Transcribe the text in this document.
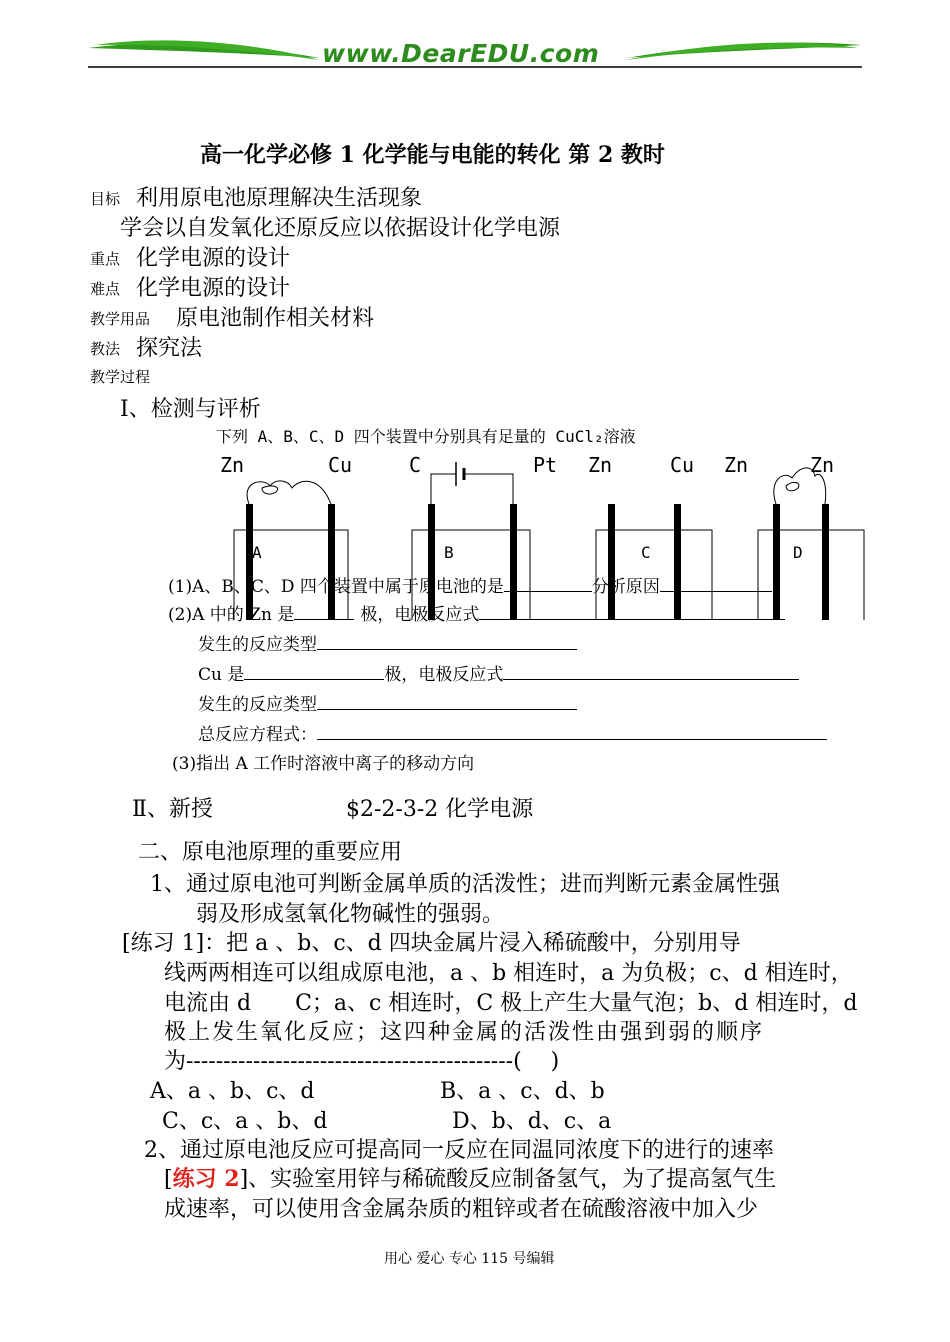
www.DearEDU.com
高一化学必修 1 化学能与电能的转化 第 2 教时
目标 利用原电池原理解决生活现象
学会以自发氧化还原反应以依据设计化学电源
重点 化学电源的设计
难点 化学电源的设计
教学用品 原电池制作相关材料
教法 探究法
教学过程
Ⅰ、检测与评析
下列 A、B、C、D 四个装置中分别具有足量的 CuCl₂溶液
Zn	Cu	C	Pt Zn	Cu Zn	Zn
A	B	C	D
(1)A、B、C、D 四个装置中属于原电池的是	分析原因
(2)A 中的 Zn 是	极，电极反应式
发生的反应类型
Cu 是	极，电极反应式
发生的反应类型
总反应方程式：
(3)指出 A 工作时溶液中离子的移动方向
Ⅱ、新授	$2-2-3-2 化学电源
二、原电池原理的重要应用
1、通过原电池可判断金属单质的活泼性；进而判断元素金属性强
弱及形成氢氧化物碱性的强弱。
[练习 1]：把 a 、b、c、d 四块金属片浸入稀硫酸中，分别用导
线两两相连可以组成原电池，a 、b 相连时，a 为负极；c、d 相连时，
电流由 d　　C；a、c 相连时，C 极上产生大量气泡；b、d 相连时，d
极上发生氧化反应；这四种金属的活泼性由强到弱的顺序
为--------------------------------------------(　 )
A、a 、b、c、d	B、a 、c、d、b
C、c、a 、b、d	D、b、d、c、a
2、通过原电池反应可提高同一反应在同温同浓度下的进行的速率
[练习 2]、实验室用锌与稀硫酸反应制备氢气，为了提高氢气生
成速率，可以使用含金属杂质的粗锌或者在硫酸溶液中加入少
用心 爱心 专心 115 号编辑
